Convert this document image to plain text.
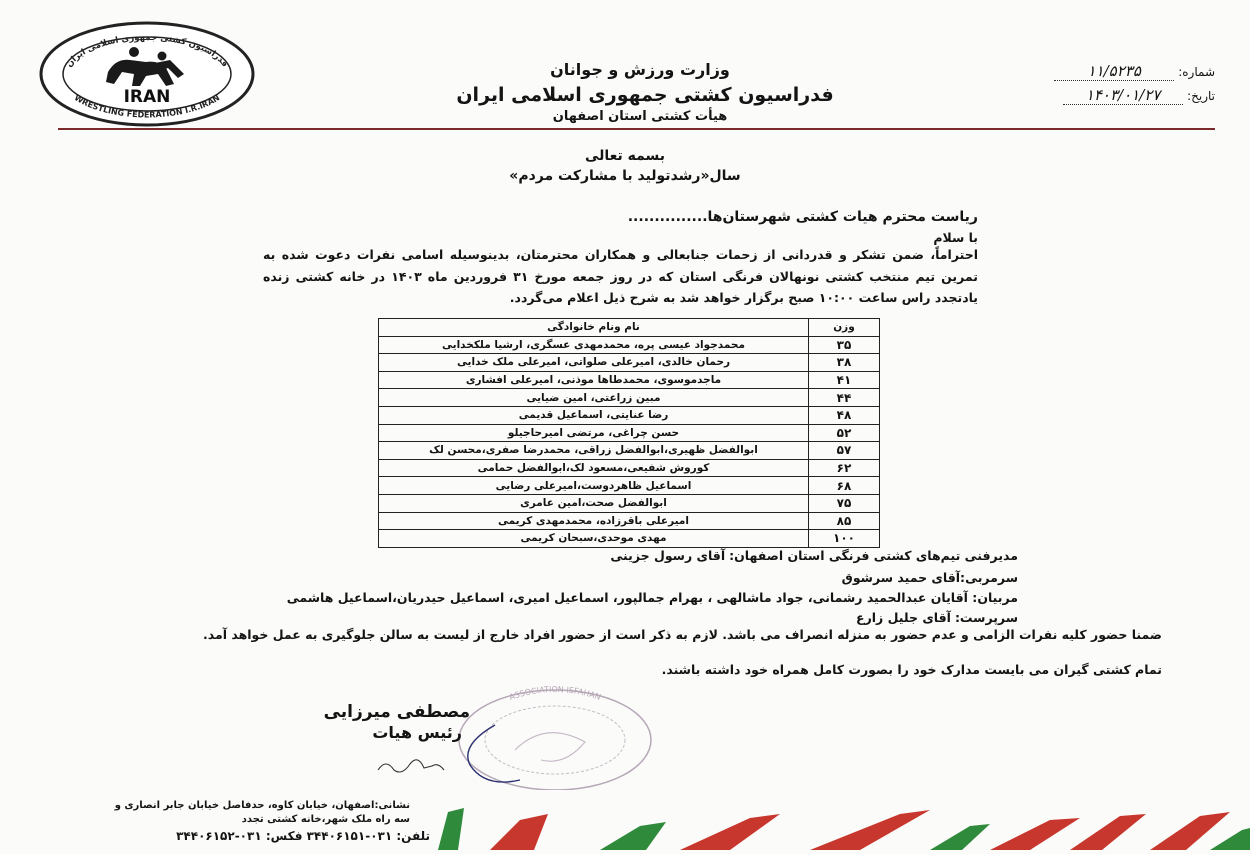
فدراسیون کشتی جمهوری اسلامی ایران
WRESTLING FEDERATION I.R.IRAN
IRAN
وزارت ورزش و جوانان
فدراسیون کشتی جمهوری اسلامی ایران
هیأت کشتی استان اصفهان
شماره:
۱۱/۵۲۳۵
تاریخ:
۱۴۰۳/۰۱/۲۷
بسمه تعالی
سال«رشدتولید با مشارکت مردم»
ریاست محترم هیات کشتی شهرستان‌ها...............
با سلام
احتراماً، ضمن تشکر و قدردانی از زحمات جنابعالی و همکاران محترمتان، بدینوسیله اسامی نفرات دعوت شده به تمرین تیم منتخب کشتی نونهالان فرنگی استان که در روز جمعه مورخ ۳۱ فروردین ماه ۱۴۰۳ در خانه کشتی زنده یادتجدد راس ساعت ۱۰:۰۰ صبح برگزار خواهد شد به شرح ذیل اعلام می‌گردد.
وزن	نام ونام خانوادگی
۳۵	محمدجواد عیسی پره، محمدمهدی عسگری، ارشیا ملکخدایی
۳۸	رحمان خالدی، امیرعلی صلواتی، امیرعلی ملک خدایی
۴۱	ماجدموسوی، محمدطاها موذنی، امیرعلی افشاری
۴۴	مبین زراعتی، امین ضیایی
۴۸	رضا عنایتی، اسماعیل قدیمی
۵۲	حسن چراغی، مرتضی امیرحاجیلو
۵۷	ابوالفضل ظهیری،ابوالفضل زراقی، محمدرضا صفری،محسن لک
۶۲	کوروش شفیعی،مسعود لک،ابوالفضل حمامی
۶۸	اسماعیل ظاهردوست،امیرعلی رضایی
۷۵	ابوالفضل صحت،امین عامری
۸۵	امیرعلی باقرزاده، محمدمهدی کریمی
۱۰۰	مهدی موحدی،سبحان کریمی
مدیرفنی تیم‌های کشتی فرنگی استان اصفهان: آقای رسول جزینی
سرمربی:آقای حمید سرشوق
مربیان: آقایان عبدالحمید رشمانی، جواد ماشالهی ، بهرام جمالپور، اسماعیل امیری، اسماعیل حیدریان،اسماعیل هاشمی
سرپرست: آقای جلیل زارع
ضمنا حضور کلیه نفرات الزامی و عدم حضور به منزله انصراف می باشد. لازم به ذکر است از حضور افراد خارج از لیست به سالن جلوگیری به عمل خواهد آمد.
تمام کشتی گیران می بایست مدارک خود را بصورت کامل همراه خود داشته باشند.
ASSOCIATION ISFAHAN
مصطفی میرزایی
رئیس هیات
نشانی:اصفهان، خیابان کاوه، حدفاصل خیابان جابر انصاری و
سه راه ملک شهر،خانه کشتی تجدد
تلفن: ۰۳۱-۳۴۴۰۶۱۵۱ فکس: ۰۳۱-۳۴۴۰۶۱۵۲
